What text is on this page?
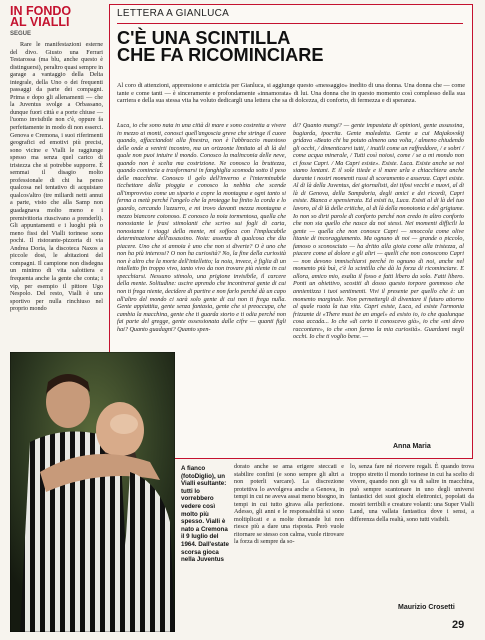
IN FONDO
AL VIALLI
SEGUE
Rare le manifestazioni esterne del divo. Giusto una Ferrari Testarossa (ma blu, anche questo è distinguersi), peraltro quasi sempre in garage a vantaggio della Delta integrale, della Uno o dei frequenti passaggi da parte dei compagni. Prima e dopo gli allenamenti — che la Juventus svolge a Orbassano, dunque fuori città e a porte chiuse — l'uomo invisibile non c'è, oppure fa perfettamente in modo di non esserci. Genova e Cremona, i suoi riferimenti geografici ed emotivi più precisi, sono vicine e Vialli le raggiunge spesso ma senza quel carico di tristezza che si potrebbe supporre. È semmai il disagio molto professionale di chi ha perso qualcosa nel tentativo di acquistare qualcos'altro (tre miliardi netti annui a parte, visto che alla Samp non guadagnava molto meno e i premivittoria riuscivano a prenderli). Gli appuntamenti e i luoghi più o meno fissi del Vialli torinese sono pochi. Il ristorante-pizzeria di via Andrea Doria, la discoteca Naxos a piccole dosi, le abitazioni del compagni. Il campione non disdegna un minimo di vita salottiera e frequenta anche la gente che conta; i vip, per esempio il pittore Ugo Nespolo. Del resto, Vialli è uno sportivo per nulla rinchiuso nel proprio mondo
LETTERA A GIANLUCA
C'È UNA SCINTILLA
CHE FA RICOMINCIARE
Al coro di attenzioni, apprensione e amicizia per Gianluca, si aggiunge questo «messaggio» inedito di una donna. Una donna che — come tante e come tanti — è sinceramente e profondamente «innamorata» di lui. Una donna che in questo momento così complesso della sua carriera e della sua stessa vita ha voluto dedicargli una lettera che sa di dolcezza, di conforto, di fermezza e di speranza.
Luca, io che sono nata in una città di mare e sono costretta a vivere in mezzo ai monti, conosci quell'angoscia greve che stringe il cuore quando, affacciandoti alla finestra, non è l'abbraccio maestoso delle onde a venirti incontro, ma un orizzonte limitato al di là del quale non puoi intuire il mondo. Conosco la malinconia delle neve, quando non è scelta ma costrizione. Ne conosco la bruttezza, quando comincia a trasformarsi in fanghiglia scomoda sotto il peso delle macchine. Conosco il gelo dell'inverno e l'interminabile ticchettare della pioggia e conosco la nebbia che scende all'improvviso come un sipario e copre la montagna e ogni tanto si ferma a metà perché l'angelo che la protegge ha finito la corda e lo guardo, cercando l'azzurro, e mi trovo davanti mezza montagna e mezzo biancore cotonoso. E conosco la noia tormentosa, quella che nonostante le frasi stimolanti che scrivo sui fogli di carta, nonostante i viaggi della mente, mi soffoca con l'implacabile determinazione dell'assassino. Noia: assenza di qualcosa che dia piacere. Uno che si annoia è uno che non si diverte? O è uno che non ha più interessi? O non ha curiosità? No, la fine della curiosità non è altro che la morte dell'intelletto; la noia, invece, è figlia di un intelletto fin troppo vivo, tanto vivo da non trovare più niente in cui specchiarsi. Nessuno stimolo, una prigione invisibile, il carcere della mente. Solitudine: uscire aprendo che incontrerai gente di cui non ti frega niente, decidere di partire e non farlo perché dà un capo all'altro del mondo ci sarà solo gente di cui non ti frega nulla. Gente appiattita, gente senza fantasia, gente che si preoccupa, che cambia la macchina, gente che ti guarda storto e ti odia perché non fai parte del gregge, gente ossessionata dalle cifre — quanti figli hai? Quanto guadagni? Quanto spen-
di? Quanto mangi? — gente impastata di opinioni, gente assassina, bugiarda, ipocrita. Gente maledetta. Gente a cui Majakovskij gridava «Beato chi ha potuto almeno una volta, / almeno chiudendo gli occhi, / dimenticarvi tutti, / inutili come un raffreddore, / e sobri / come acqua minerale, / Tutti così noiosi, come / se a mi mondo non ci fosse Capri. / Ma Capri esiste». Esiste. Luca. Esiste anche se noi siamo lontani. E il sole tiiede e il mare urla e chiacchiera anche durante i nostri momenti russi di scoramento e assenza. Capri esiste. Al di là della Juventus, dei giornalisti, dei tifosi vecchi e nuovi, al di là di Genova, della Sampdoria, degli amici e dei ricordi, Capri esiste. Bianca e spensierata. Ed esisti tu, Luca. Esisti al di là del tuo lavoro, al di là delle critiche, al di là della monotonia e del grigiume. Io non so dirti parole di conforto perché non credo in altro conforto che non sia quello che nasce da noi stessi. Nei momenti difficili la gente — quella che non conosce Capri — smoccola come olive litanie di incoraggiamento. Ma ognuno di noi — grande o piccolo, famoso o sconosciuto — ha dritto alla gioia come alla tristezza, al piacere come al dolore e gli altri — quelli che non conoscono Capri — non devono immischiarsi perché in ognuno di noi, anche nel momento più buì, c'è la scintilla che dà la forza di ricominciare. E allora, amico mio, esalta il fosso e fatti libero da solo. Fatti libero. Ponti un obiettivo, scostiti di dosso questo torpore gommoso che annientizza i tuoi sentimenti. Vivi il presente per quello che è: un momento marginale. Non permettergli di diventare il futuro attorno al quale ruota la tua vita. Capri esiste, Luca, ed esiste l'armonia frizzante di «There must be an angel» ed esisto io, io che qualunque cosa accada... Io che «di certo ti conoscevo già», io che «mi devo raccontare», io che «non farmo la mia curiosità». Guardami negli occhi. Io che ti voglio bene. —
Anna Maria
A fianco (fotoDiglio), un Vialli esultante: tutti lo vorrebbero vedere così molto più spesso. Vialli è nato a Cremona il 9 luglio del 1964. Dall'estate scorsa gioca nella Juventus
dorato anche se ama erigere steccati e stabilire confini (e sono sempre gli altri a non poterli varcare). La discrezione protettiva lo avvolgeva anche a Genova, in tempi in cui ne aveva assai meno bisogno, in tempi in cui tutto girava alla perfezione. Adesso, gli anni e le responsabilità si sono moltiplicati e a molte domande lui non riesce più a dare una risposta. Però vuole ritornare se stesso con calma, vuole ritrovare la forza di sempre da so-
lo, senza fare né ricevere regali. È quando trova troppo stretto il mondo torinese in cui ha scelto di vivere, quando non gli va di salire in macchina, può sempre scantonare in uno degli universi fantastici dei suoi giochi elettronici, popolati da mostri terribili e creature volanti: una Super Vialli Land, una vallata fantastica dove i sensi, a differenza della realtà, sono tutti visibili.
Maurizio Crosetti
29
